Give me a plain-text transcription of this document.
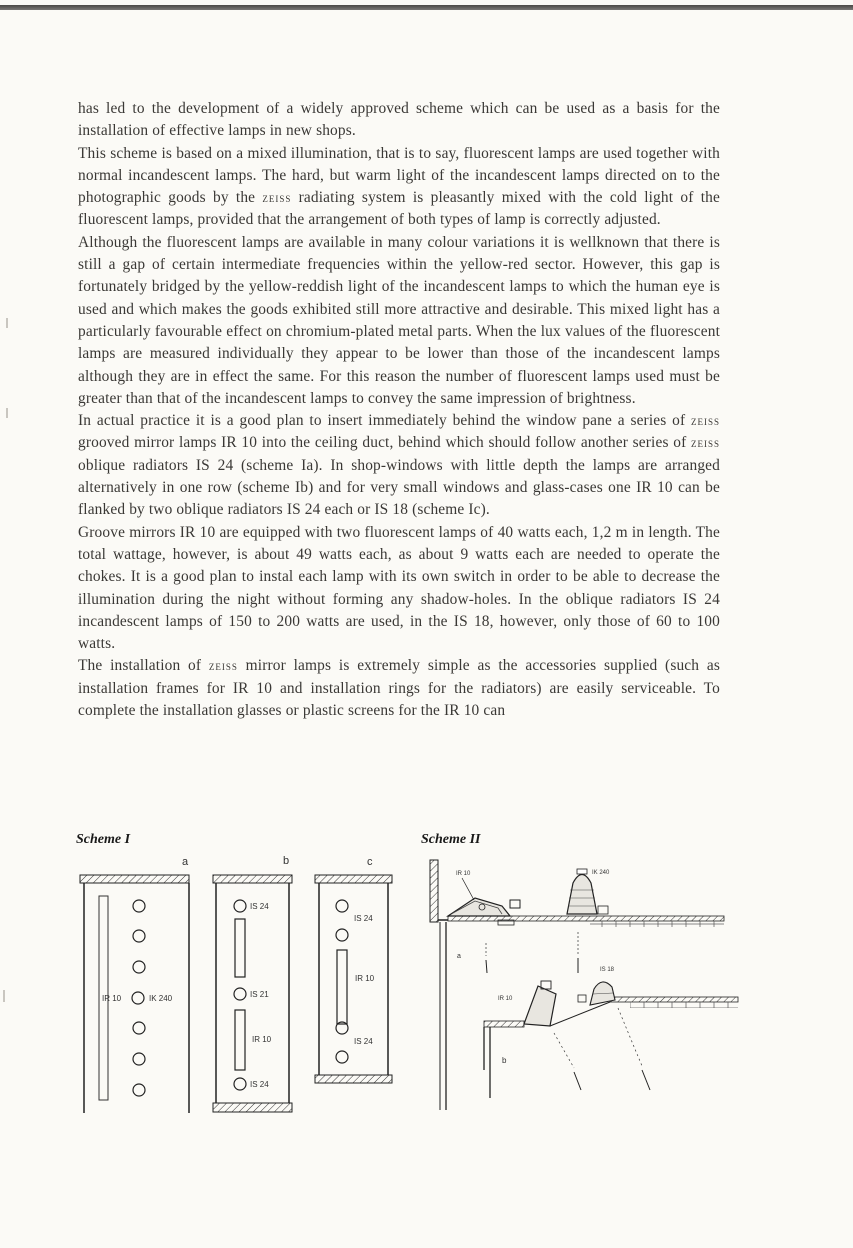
has led to the development of a widely approved scheme which can be used as a basis for the installation of effective lamps in new shops.

This scheme is based on a mixed illumination, that is to say, fluorescent lamps are used together with normal incandescent lamps. The hard, but warm light of the incandescent lamps directed on to the photographic goods by the zeiss radiating system is pleasantly mixed with the cold light of the fluorescent lamps, provided that the arrangement of both types of lamp is correctly adjusted.

Although the fluorescent lamps are available in many colour variations it is wellknown that there is still a gap of certain intermediate frequencies within the yellow-red sector. However, this gap is fortunately bridged by the yellow-reddish light of the incandescent lamps to which the human eye is used and which makes the goods exhibited still more attractive and desirable. This mixed light has a particularly favourable effect on chromium-plated metal parts. When the lux values of the fluorescent lamps are measured individually they appear to be lower than those of the incandescent lamps although they are in effect the same. For this reason the number of fluorescent lamps used must be greater than that of the incandescent lamps to convey the same impression of brightness.

In actual practice it is a good plan to insert immediately behind the window pane a series of zeiss grooved mirror lamps IR 10 into the ceiling duct, behind which should follow another series of zeiss oblique radiators IS 24 (scheme Ia). In shop-windows with little depth the lamps are arranged alternatively in one row (scheme Ib) and for very small windows and glass-cases one IR 10 can be flanked by two oblique radiators IS 24 each or IS 18 (scheme Ic).

Groove mirrors IR 10 are equipped with two fluorescent lamps of 40 watts each, 1,2 m in length. The total wattage, however, is about 49 watts each, as about 9 watts each are needed to operate the chokes. It is a good plan to instal each lamp with its own switch in order to be able to decrease the illumination during the night without forming any shadow-holes. In the oblique radiators IS 24 incandescent lamps of 150 to 200 watts are used, in the IS 18, however, only those of 60 to 100 watts.

The installation of zeiss mirror lamps is extremely simple as the accessories supplied (such as installation frames for IR 10 and installation rings for the radiators) are easily serviceable. To complete the installation glasses or plastic screens for the IR 10 can

Scheme I	Scheme II
a	b	c
IR 10	IK 240
IS 24
IS 21
IR 10
IS 24
IS 24
IR 10
IS 24
IR 10	IK 240
a
IS 18
IR 10
b
